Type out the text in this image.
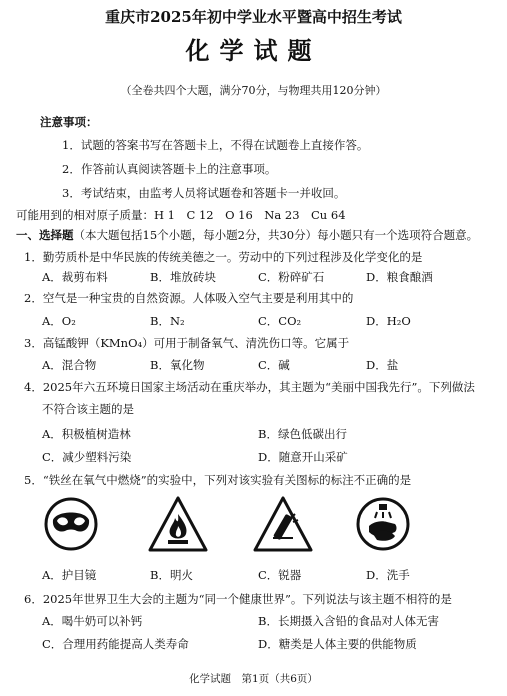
重庆市2025年初中学业水平暨高中招生考试
化学试题
（全卷共四个大题，满分70分，与物理共用120分钟）
注意事项：
1．试题的答案书写在答题卡上，不得在试题卷上直接作答。
2．作答前认真阅读答题卡上的注意事项。
3．考试结束，由监考人员将试题卷和答题卡一并收回。
可能用到的相对原子质量：H 1　C 12　O 16　Na 23　Cu 64
一、选择题（本大题包括15个小题，每小题2分，共30分）每小题只有一个选项符合题意。
1．勤劳质朴是中华民族的传统美德之一。劳动中的下列过程涉及化学变化的是
A．裁剪布料	B．堆放砖块	C．粉碎矿石	D．粮食酿酒
2．空气是一种宝贵的自然资源。人体吸入空气主要是利用其中的
A．O₂	B．N₂	C．CO₂	D．H₂O
3．高锰酸钾（KMnO₄）可用于制备氧气、清洗伤口等。它属于
A．混合物	B．氧化物	C．碱	D．盐
4．2025年六五环境日国家主场活动在重庆举办，其主题为“美丽中国我先行”。下列做法
不符合该主题的是
A．积极植树造林	B．绿色低碳出行
C．减少塑料污染	D．随意开山采矿
5．“铁丝在氧气中燃烧”的实验中，下列对该实验有关图标的标注不正确的是
A．护目镜	B．明火	C．锐器	D．洗手
6．2025年世界卫生大会的主题为“同一个健康世界”。下列说法与该主题不相符的是
A．喝牛奶可以补钙	B．长期摄入含铅的食品对人体无害
C．合理用药能提高人类寿命	D．糖类是人体主要的供能物质
化学试题　第1页（共6页）
